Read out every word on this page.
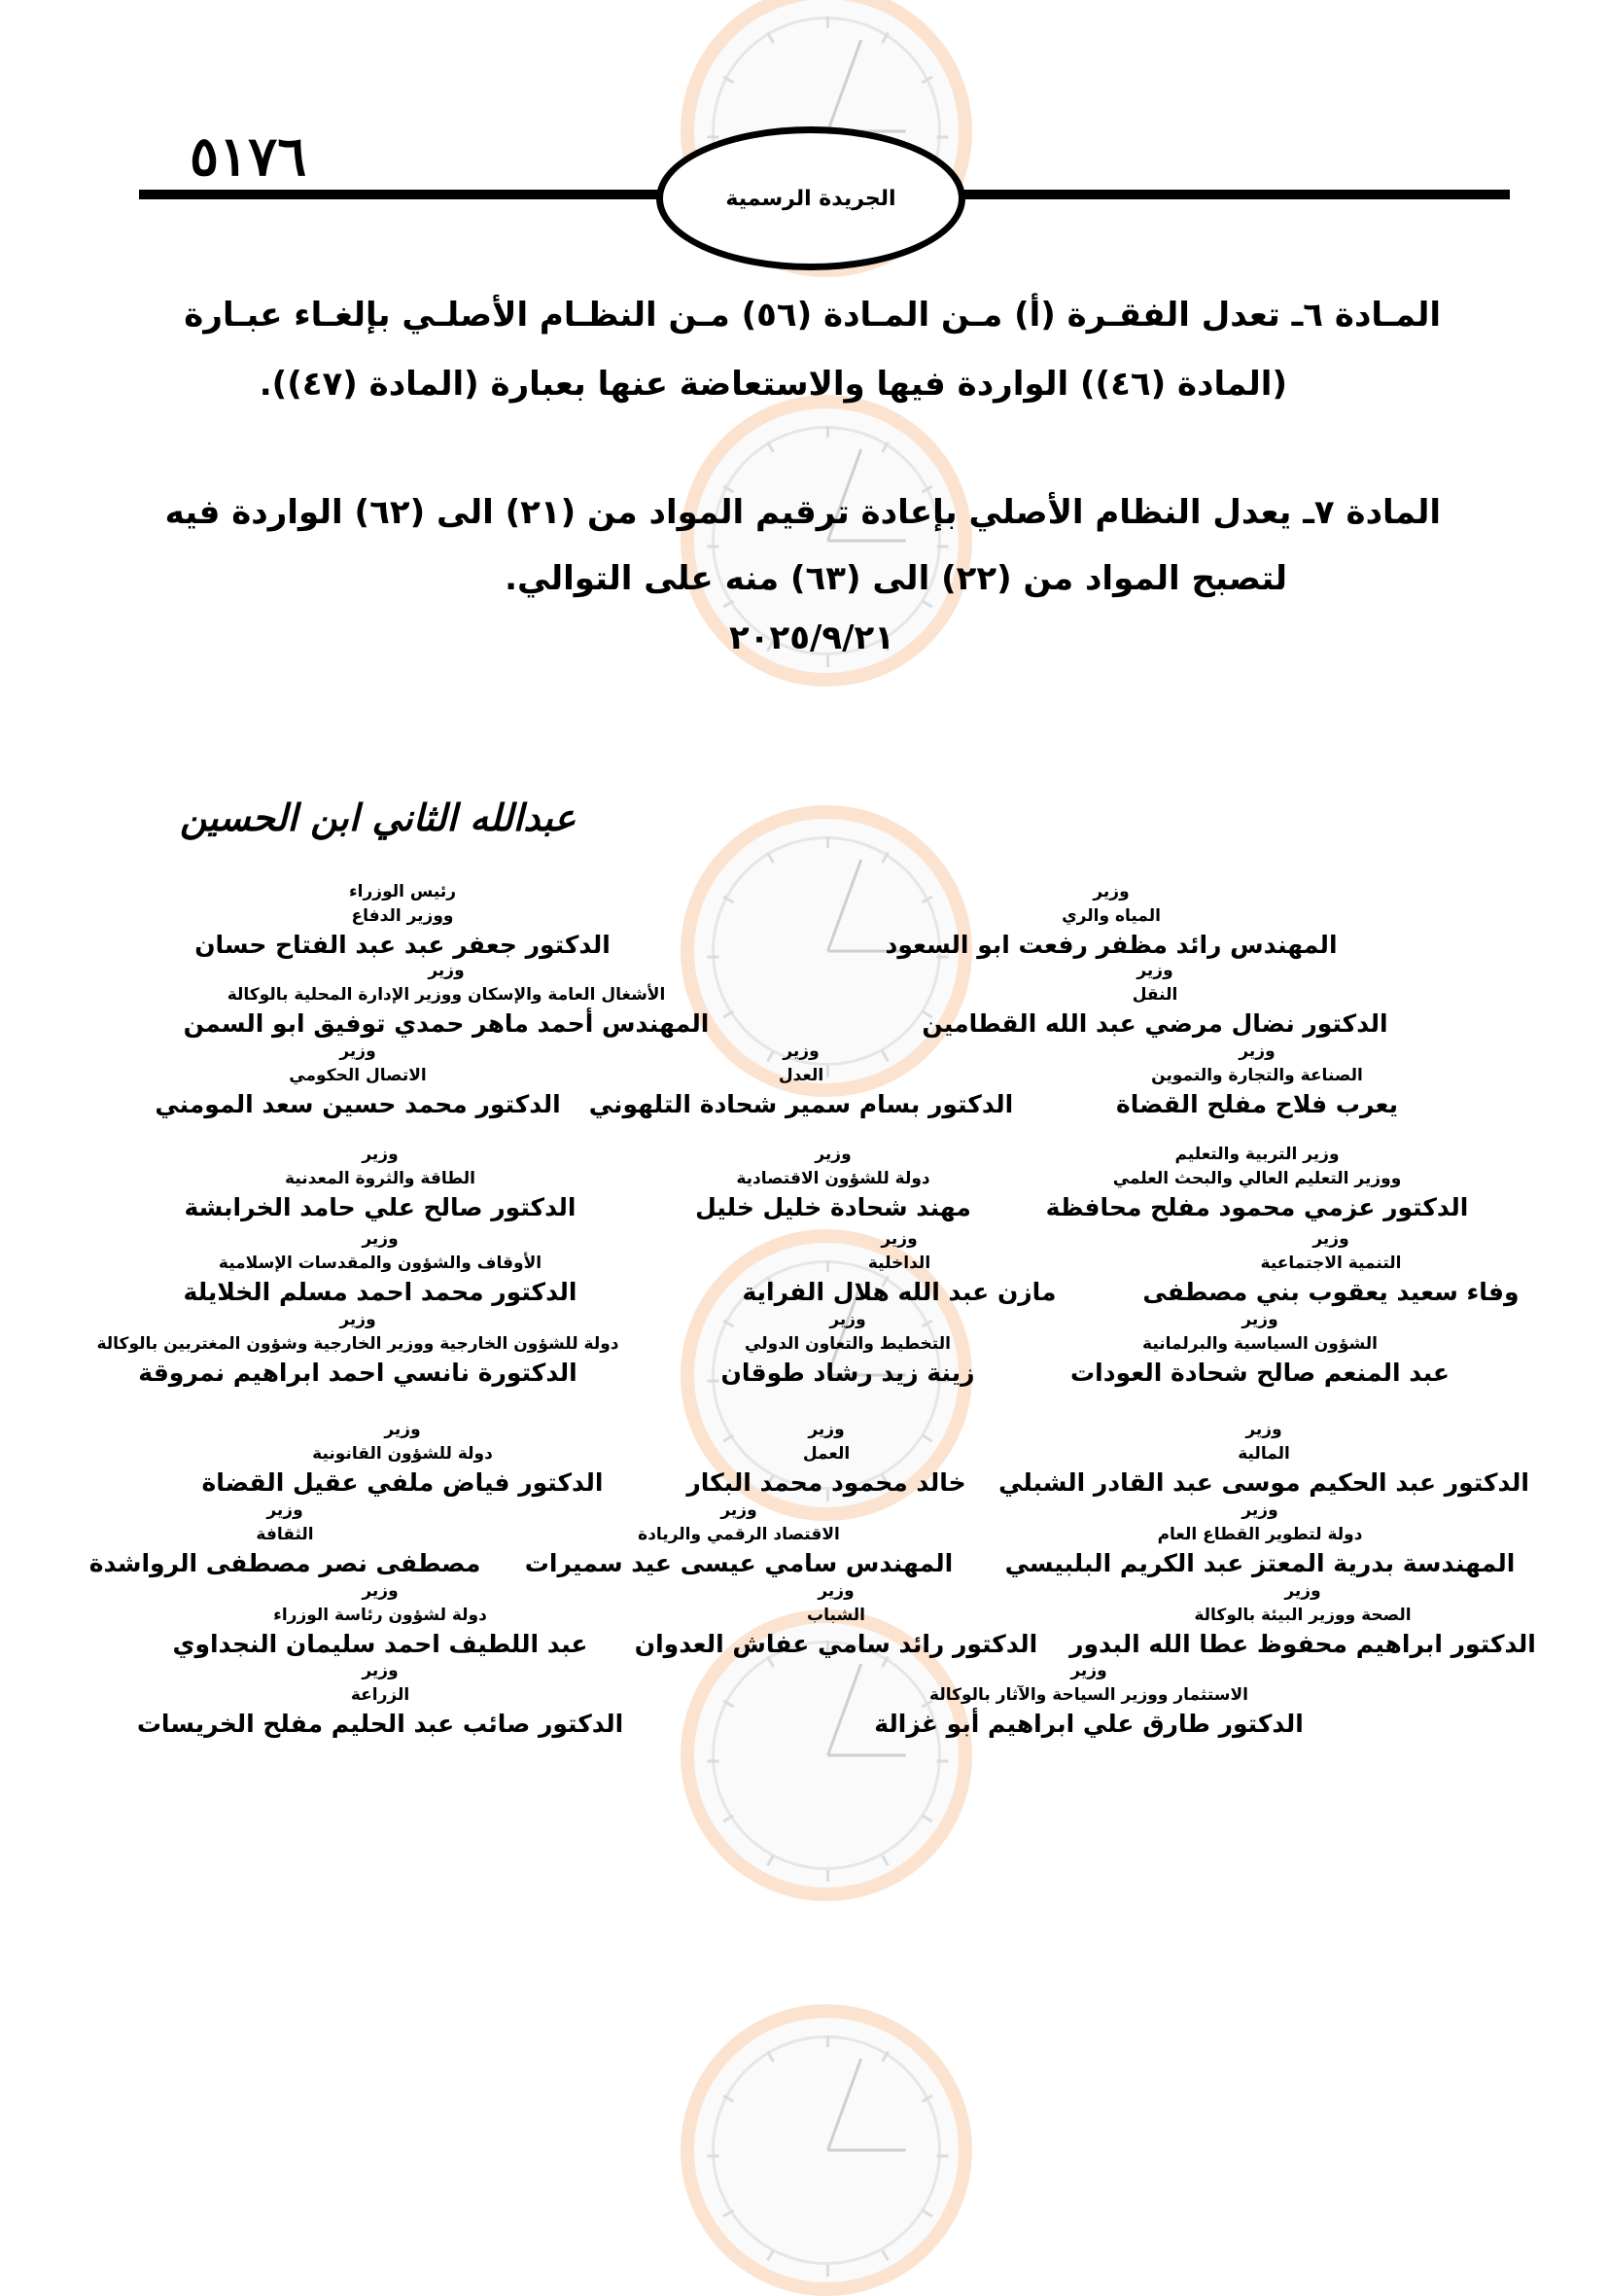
٥١٧٦
الجريدة الرسمية
المـادة ٦ـ تعدل الفقـرة (أ) مـن المـادة (٥٦) مـن النظـام الأصلـي بإلغـاء عبـارة
(المادة (٤٦)) الواردة فيها والاستعاضة عنها بعبارة (المادة (٤٧)).
المادة ٧ـ يعدل النظام الأصلي بإعادة ترقيم المواد من (٢١) الى (٦٢) الواردة فيه
لتصبح المواد من (٢٢) الى (٦٣) منه على التوالي.
٢٠٢٥/٩/٢١
عبدالله الثاني ابن الحسين
وزير
المياه والري
المهندس رائد مظفر رفعت ابو السعود
رئيس الوزراء
ووزير الدفاع
الدكتور جعفر عبد عبد الفتاح حسان
وزير
النقل
الدكتور نضال مرضي عبد الله القطامين
وزير
الأشغال العامة والإسكان ووزير الإدارة المحلية بالوكالة
المهندس أحمد ماهر حمدي توفيق ابو السمن
وزير
الصناعة والتجارة والتموين
يعرب فلاح مفلح القضاة
وزير
العدل
الدكتور بسام سمير شحادة التلهوني
وزير
الاتصال الحكومي
الدكتور محمد حسين سعد المومني
وزير التربية والتعليم
ووزير التعليم العالي والبحث العلمي
الدكتور عزمي محمود مفلح محافظة
وزير
دولة للشؤون الاقتصادية
مهند شحادة خليل خليل
وزير
الطاقة والثروة المعدنية
الدكتور صالح علي حامد الخرابشة
وزير
التنمية الاجتماعية
وفاء سعيد يعقوب بني مصطفى
وزير
الداخلية
مازن عبد الله هلال الفراية
وزير
الأوقاف والشؤون والمقدسات الإسلامية
الدكتور محمد احمد مسلم الخلايلة
وزير
الشؤون السياسية والبرلمانية
عبد المنعم صالح شحادة العودات
وزير
التخطيط والتعاون الدولي
زينة زيد رشاد طوقان
وزير
دولة للشؤون الخارجية ووزير الخارجية وشؤون المغتربين بالوكالة
الدكتورة نانسي احمد ابراهيم نمروقة
وزير
المالية
الدكتور عبد الحكيم موسى عبد القادر الشبلي
وزير
العمل
خالد محمود محمد البكار
وزير
دولة للشؤون القانونية
الدكتور فياض ملفي عقيل القضاة
وزير
دولة لتطوير القطاع العام
المهندسة بدرية المعتز عبد الكريم البلبيسي
وزير
الاقتصاد الرقمي والريادة
المهندس سامي عيسى عيد سميرات
وزير
الثقافة
مصطفى نصر مصطفى الرواشدة
وزير
الصحة ووزير البيئة بالوكالة
الدكتور ابراهيم محفوظ عطا الله البدور
وزير
الشباب
الدكتور رائد سامي عفاش العدوان
وزير
دولة لشؤون رئاسة الوزراء
عبد اللطيف احمد سليمان النجداوي
وزير
الاستثمار ووزير السياحة والآثار بالوكالة
الدكتور طارق علي ابراهيم أبو غزالة
وزير
الزراعة
الدكتور صائب عبد الحليم مفلح الخريسات
